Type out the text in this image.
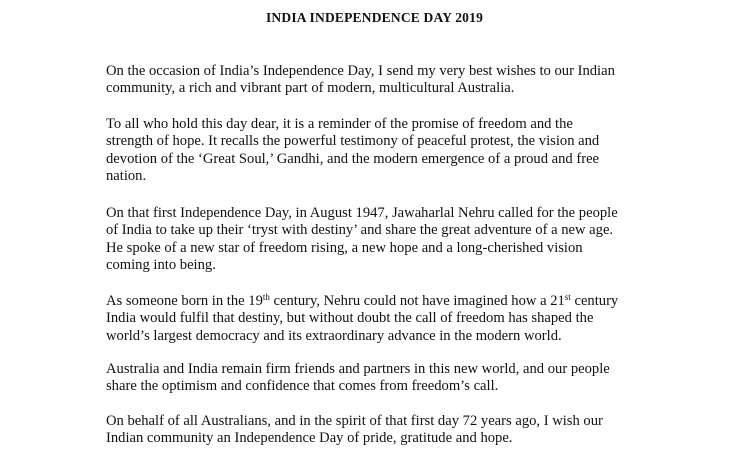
INDIA INDEPENDENCE DAY 2019

On the occasion of India’s Independence Day, I send my very best wishes to our Indian
community, a rich and vibrant part of modern, multicultural Australia.

To all who hold this day dear, it is a reminder of the promise of freedom and the
strength of hope. It recalls the powerful testimony of peaceful protest, the vision and
devotion of the ‘Great Soul,’ Gandhi, and the modern emergence of a proud and free
nation.

On that first Independence Day, in August 1947, Jawaharlal Nehru called for the people
of India to take up their ‘tryst with destiny’ and share the great adventure of a new age.
He spoke of a new star of freedom rising, a new hope and a long-cherished vision
coming into being.

As someone born in the 19th century, Nehru could not have imagined how a 21st century
India would fulfil that destiny, but without doubt the call of freedom has shaped the
world’s largest democracy and its extraordinary advance in the modern world.

Australia and India remain firm friends and partners in this new world, and our people
share the optimism and confidence that comes from freedom’s call.

On behalf of all Australians, and in the spirit of that first day 72 years ago, I wish our
Indian community an Independence Day of pride, gratitude and hope.
